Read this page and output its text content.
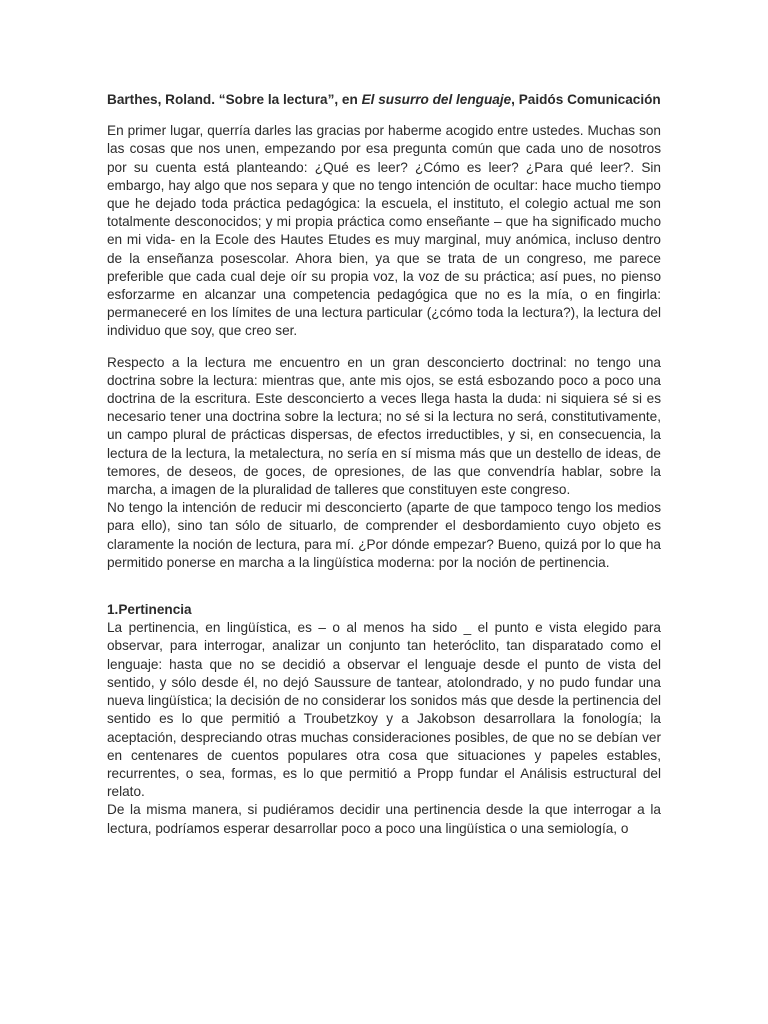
Barthes, Roland. “Sobre la lectura”, en El susurro del lenguaje, Paidós Comunicación

En primer lugar, querría darles las gracias por haberme acogido entre ustedes. Muchas son las cosas que nos unen, empezando por esa pregunta común que cada uno de nosotros por su cuenta está planteando: ¿Qué es leer? ¿Cómo es leer? ¿Para qué leer?. Sin embargo, hay algo que nos separa y que no tengo intención de ocultar: hace mucho tiempo que he dejado toda práctica pedagógica: la escuela, el instituto, el colegio actual me son totalmente desconocidos; y mi propia práctica como enseñante – que ha significado mucho en mi vida- en la Ecole des Hautes Etudes es muy marginal, muy anómica, incluso dentro de la enseñanza posescolar. Ahora bien, ya que se trata de un congreso, me parece preferible que cada cual deje oír su propia voz, la voz de su práctica; así pues, no pienso esforzarme en alcanzar una competencia pedagógica que no es la mía, o en fingirla: permaneceré en los límites de una lectura particular (¿cómo toda la lectura?), la lectura del individuo que soy, que creo ser.

Respecto a la lectura me encuentro en un gran desconcierto doctrinal: no tengo una doctrina sobre la lectura: mientras que, ante mis ojos, se está esbozando poco a poco una doctrina de la escritura. Este desconcierto a veces llega hasta la duda: ni siquiera sé si es necesario tener una doctrina sobre la lectura; no sé si la lectura no será, constitutivamente, un campo plural de prácticas dispersas, de efectos irreductibles, y si, en consecuencia, la lectura de la lectura, la metalectura, no sería en sí misma más que un destello de ideas, de temores, de deseos, de goces, de opresiones, de las que convendría hablar, sobre la marcha, a imagen de la pluralidad de talleres que constituyen este congreso.

No tengo la intención de reducir mi desconcierto (aparte de que tampoco tengo los medios para ello), sino tan sólo de situarlo, de comprender el desbordamiento cuyo objeto es claramente la noción de lectura, para mí. ¿Por dónde empezar? Bueno, quizá por lo que ha permitido ponerse en marcha a la lingüística moderna: por la noción de pertinencia.

1.Pertinencia

La pertinencia, en lingüística, es – o al menos ha sido _ el punto e vista elegido para observar, para interrogar, analizar un conjunto tan heteróclito, tan disparatado como el lenguaje: hasta que no se decidió a observar el lenguaje desde el punto de vista del sentido, y sólo desde él, no dejó Saussure de tantear, atolondrado, y no pudo fundar una nueva lingüística; la decisión de no considerar los sonidos más que desde la pertinencia del sentido es lo que permitió a Troubetzkoy y a Jakobson desarrollara la fonología; la aceptación, despreciando otras muchas consideraciones posibles, de que no se debían ver en centenares de cuentos populares otra cosa que situaciones y papeles estables, recurrentes, o sea, formas, es lo que permitió a Propp fundar el Análisis estructural del relato.

De la misma manera, si pudiéramos decidir una pertinencia desde la que interrogar a la lectura, podríamos esperar desarrollar poco a poco una lingüística o una semiología, o
